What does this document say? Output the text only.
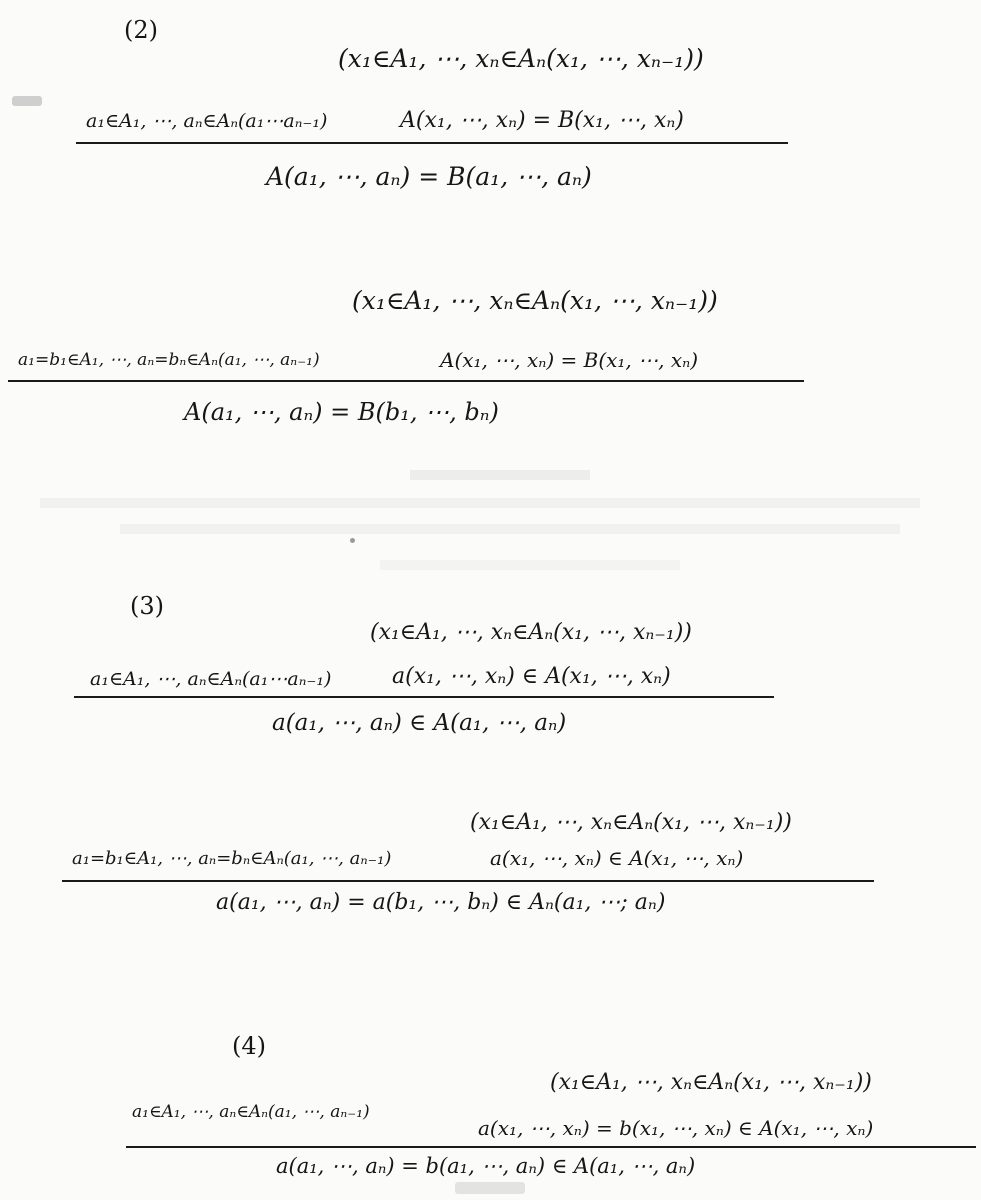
(2)
(x₁∈A₁, ⋯, xₙ∈Aₙ(x₁, ⋯, xₙ₋₁))
a₁∈A₁, ⋯, aₙ∈Aₙ(a₁⋯aₙ₋₁)	A(x₁, ⋯, xₙ) = B(x₁, ⋯, xₙ)
A(a₁, ⋯, aₙ) = B(a₁, ⋯, aₙ)
(x₁∈A₁, ⋯, xₙ∈Aₙ(x₁, ⋯, xₙ₋₁))
a₁=b₁∈A₁, ⋯, aₙ=bₙ∈Aₙ(a₁, ⋯, aₙ₋₁)	A(x₁, ⋯, xₙ) = B(x₁, ⋯, xₙ)
A(a₁, ⋯, aₙ) = B(b₁, ⋯, bₙ)
(3)
(x₁∈A₁, ⋯, xₙ∈Aₙ(x₁, ⋯, xₙ₋₁))
a₁∈A₁, ⋯, aₙ∈Aₙ(a₁⋯aₙ₋₁)	a(x₁, ⋯, xₙ) ∈ A(x₁, ⋯, xₙ)
a(a₁, ⋯, aₙ) ∈ A(a₁, ⋯, aₙ)
(x₁∈A₁, ⋯, xₙ∈Aₙ(x₁, ⋯, xₙ₋₁))
a₁=b₁∈A₁, ⋯, aₙ=bₙ∈Aₙ(a₁, ⋯, aₙ₋₁)	a(x₁, ⋯, xₙ) ∈ A(x₁, ⋯, xₙ)
a(a₁, ⋯, aₙ) = a(b₁, ⋯, bₙ) ∈ Aₙ(a₁, ⋯; aₙ)
(4)
(x₁∈A₁, ⋯, xₙ∈Aₙ(x₁, ⋯, xₙ₋₁))
a₁∈A₁, ⋯, aₙ∈Aₙ(a₁, ⋯, aₙ₋₁)
a(x₁, ⋯, xₙ) = b(x₁, ⋯, xₙ) ∈ A(x₁, ⋯, xₙ)
a(a₁, ⋯, aₙ) = b(a₁, ⋯, aₙ) ∈ A(a₁, ⋯, aₙ)
